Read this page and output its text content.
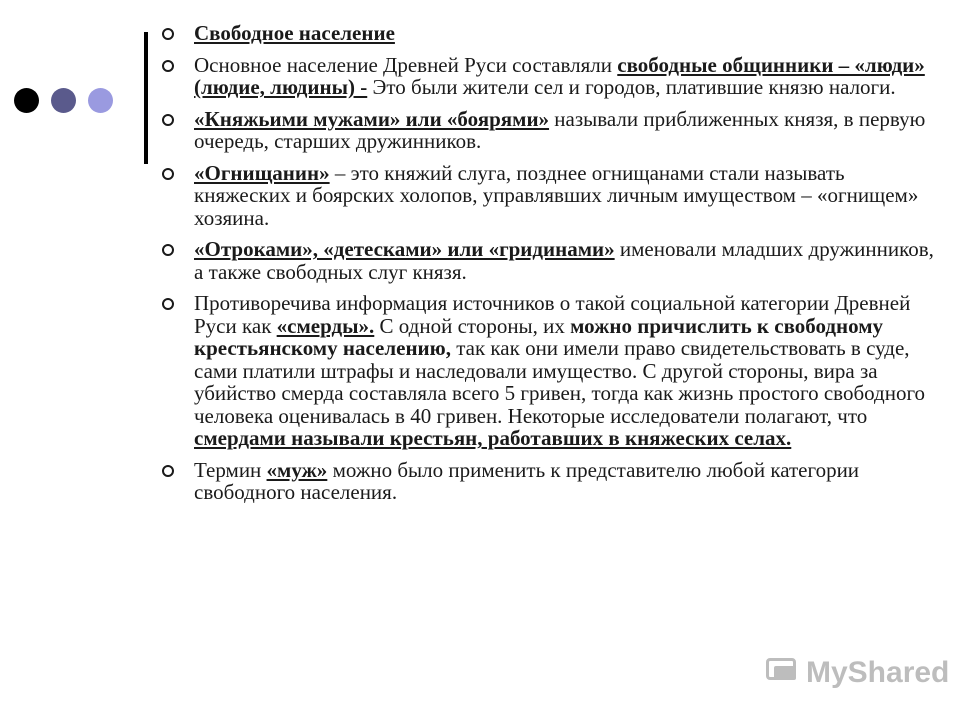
Свободное население
Основное население Древней Руси составляли свободные общинники – «люди» (людие, людины) - Это были жители сел и городов, платившие князю налоги.
«Княжьими мужами» или «боярями» называли приближенных князя, в первую очередь, старших дружинников.
«Огнищанин» – это княжий слуга, позднее огнищанами стали называть княжеских и боярских холопов, управлявших личным имуществом – «огнищем» хозяина.
«Отроками», «детесками» или «гридинами» именовали младших дружинников, а также свободных слуг князя.
Противоречива информация источников о такой социальной категории Древней Руси как «смерды». С одной стороны, их можно причислить к свободному крестьянскому населению, так как они имели право свидетельствовать в суде, сами платили штрафы и наследовали имущество. С другой стороны, вира за убийство смерда составляла всего 5 гривен, тогда как жизнь простого свободного человека оценивалась в 40 гривен. Некоторые исследователи полагают, что смердами называли крестьян, работавших в княжеских селах.
Термин «муж» можно было применить к представителю любой категории свободного населения.
MyShared
